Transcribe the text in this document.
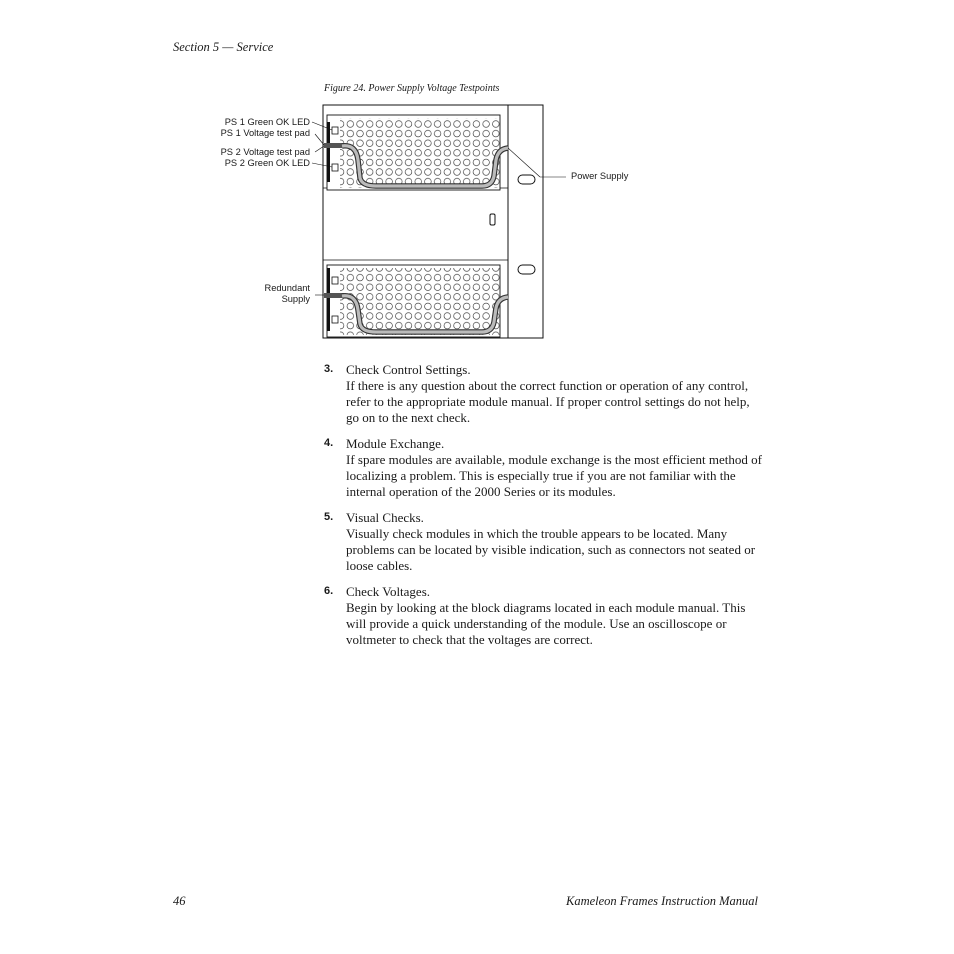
Section 5 — Service
Figure 24. Power Supply Voltage Testpoints
PS 1 Green OK LED
PS 1 Voltage test pad
PS 2 Voltage test pad
PS 2 Green OK LED
Power Supply
Redundant
Supply
3. Check Control Settings.
If there is any question about the correct function or operation of any control, refer to the appropriate module manual. If proper control settings do not help, go on to the next check.
4. Module Exchange.
If spare modules are available, module exchange is the most efficient method of localizing a problem. This is especially true if you are not familiar with the internal operation of the 2000 Series or its modules.
5. Visual Checks.
Visually check modules in which the trouble appears to be located. Many problems can be located by visible indication, such as connectors not seated or loose cables.
6. Check Voltages.
Begin by looking at the block diagrams located in each module manual. This will provide a quick understanding of the module. Use an oscilloscope or voltmeter to check that the voltages are correct.
46	Kameleon Frames Instruction Manual
